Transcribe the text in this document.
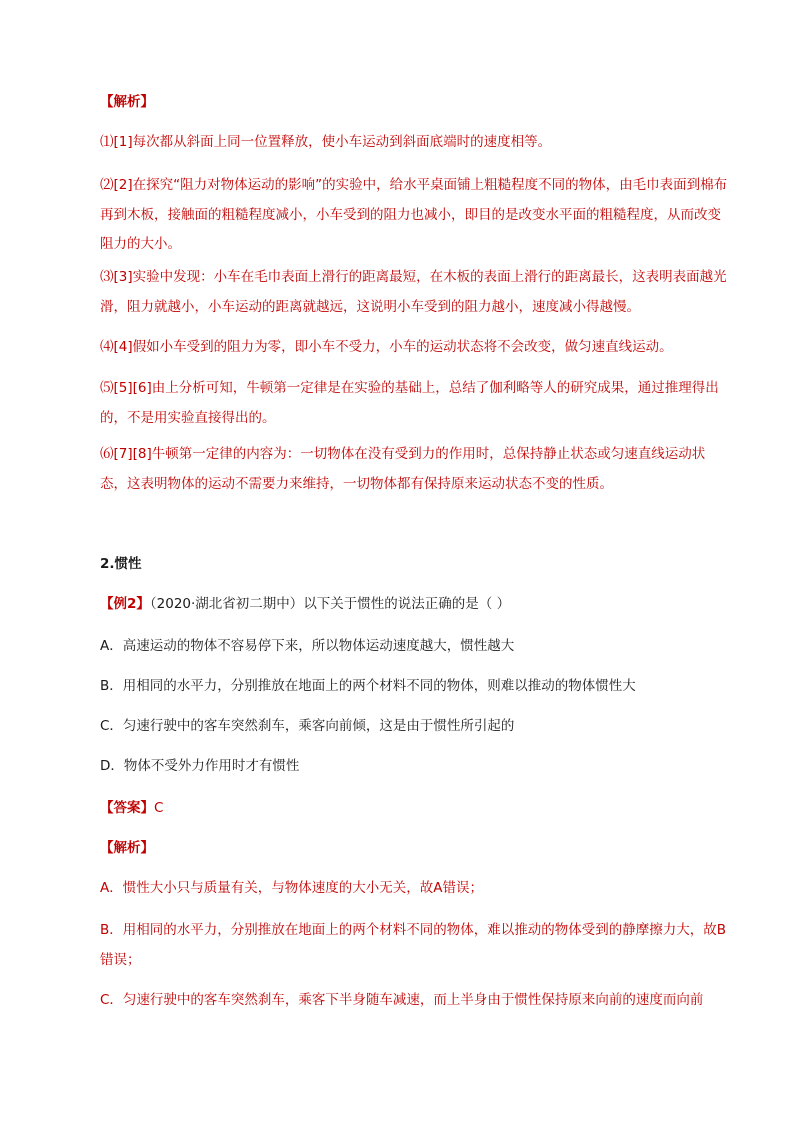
【解析】

⑴[1]每次都从斜面上同一位置释放，使小车运动到斜面底端时的速度相等。

⑵[2]在探究“阻力对物体运动的影响”的实验中，给水平桌面铺上粗糙程度不同的物体，由毛巾表面到棉布再到木板，接触面的粗糙程度减小，小车受到的阻力也减小，即目的是改变水平面的粗糙程度，从而改变阻力的大小。

⑶[3]实验中发现：小车在毛巾表面上滑行的距离最短，在木板的表面上滑行的距离最长，这表明表面越光滑，阻力就越小，小车运动的距离就越远，这说明小车受到的阻力越小，速度减小得越慢。

⑷[4]假如小车受到的阻力为零，即小车不受力，小车的运动状态将不会改变，做匀速直线运动。

⑸[5][6]由上分析可知，牛顿第一定律是在实验的基础上，总结了伽利略等人的研究成果，通过推理得出的，不是用实验直接得出的。

⑹[7][8]牛顿第一定律的内容为：一切物体在没有受到力的作用时，总保持静止状态或匀速直线运动状态，这表明物体的运动不需要力来维持，一切物体都有保持原来运动状态不变的性质。

2.惯性

【例2】（2020·湖北省初二期中）以下关于惯性的说法正确的是（ ）

A．高速运动的物体不容易停下来，所以物体运动速度越大，惯性越大

B．用相同的水平力，分别推放在地面上的两个材料不同的物体，则难以推动的物体惯性大

C．匀速行驶中的客车突然刹车，乘客向前倾，这是由于惯性所引起的

D．物体不受外力作用时才有惯性

【答案】C

【解析】

A．惯性大小只与质量有关，与物体速度的大小无关，故A错误；

B．用相同的水平力，分别推放在地面上的两个材料不同的物体，难以推动的物体受到的静摩擦力大，故B错误；

C．匀速行驶中的客车突然刹车，乘客下半身随车减速，而上半身由于惯性保持原来向前的速度而向前
